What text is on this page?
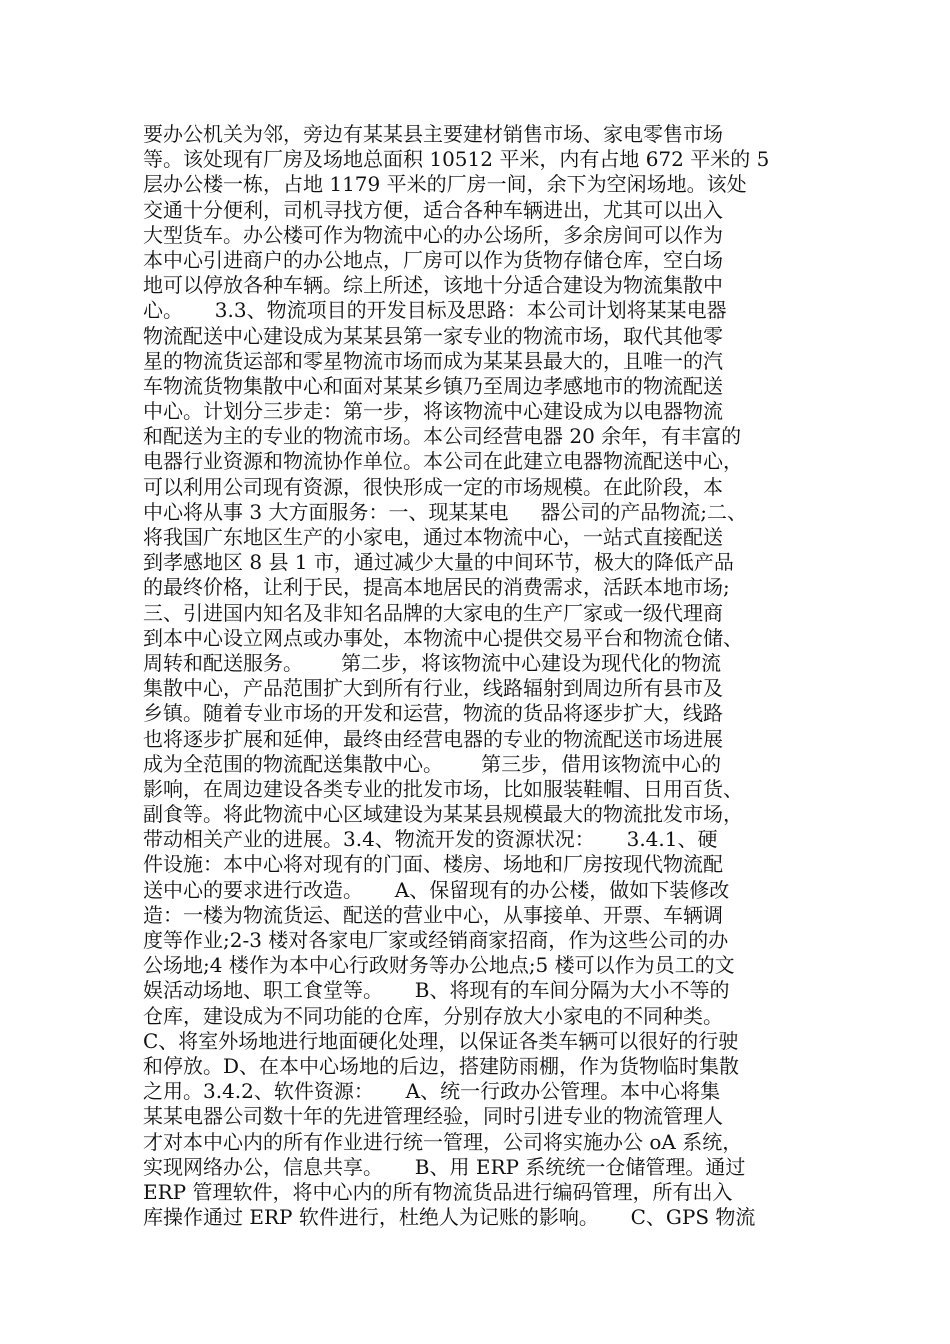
要办公机关为邻，旁边有某某县主要建材销售市场、家电零售市场
等。该处现有厂房及场地总面积 10512 平米，内有占地 672 平米的 5
层办公楼一栋，占地 1179 平米的厂房一间，余下为空闲场地。该处
交通十分便利，司机寻找方便，适合各种车辆进出，尤其可以出入
大型货车。办公楼可作为物流中心的办公场所，多余房间可以作为
本中心引进商户的办公地点，厂房可以作为货物存储仓库，空白场
地可以停放各种车辆。综上所述，该地十分适合建设为物流集散中
心。     3.3、物流项目的开发目标及思路：本公司计划将某某电器
物流配送中心建设成为某某县第一家专业的物流市场，取代其他零
星的物流货运部和零星物流市场而成为某某县最大的，且唯一的汽
车物流货物集散中心和面对某某乡镇乃至周边孝感地市的物流配送
中心。计划分三步走：第一步，将该物流中心建设成为以电器物流
和配送为主的专业的物流市场。本公司经营电器 20 余年，有丰富的
电器行业资源和物流协作单位。本公司在此建立电器物流配送中心，
可以利用公司现有资源，很快形成一定的市场规模。在此阶段，本
中心将从事 3 大方面服务：一、现某某电     器公司的产品物流;二、
将我国广东地区生产的小家电，通过本物流中心，一站式直接配送
到孝感地区 8 县 1 市，通过减少大量的中间环节，极大的降低产品
的最终价格，让利于民，提高本地居民的消费需求，活跃本地市场;
三、引进国内知名及非知名品牌的大家电的生产厂家或一级代理商
到本中心设立网点或办事处，本物流中心提供交易平台和物流仓储、
周转和配送服务。      第二步，将该物流中心建设为现代化的物流
集散中心，产品范围扩大到所有行业，线路辐射到周边所有县市及
乡镇。随着专业市场的开发和运营，物流的货品将逐步扩大，线路
也将逐步扩展和延伸，最终由经营电器的专业的物流配送市场进展
成为全范围的物流配送集散中心。      第三步，借用该物流中心的
影响，在周边建设各类专业的批发市场，比如服装鞋帽、日用百货、
副食等。将此物流中心区域建设为某某县规模最大的物流批发市场，
带动相关产业的进展。3.4、物流开发的资源状况：     3.4.1、硬
件设施：本中心将对现有的门面、楼房、场地和厂房按现代物流配
送中心的要求进行改造。     A、保留现有的办公楼，做如下装修改
造：一楼为物流货运、配送的营业中心，从事接单、开票、车辆调
度等作业;2-3 楼对各家电厂家或经销商家招商，作为这些公司的办
公场地;4 楼作为本中心行政财务等办公地点;5 楼可以作为员工的文
娱活动场地、职工食堂等。     B、将现有的车间分隔为大小不等的
仓库，建设成为不同功能的仓库，分别存放大小家电的不同种类。
C、将室外场地进行地面硬化处理，以保证各类车辆可以很好的行驶
和停放。D、在本中心场地的后边，搭建防雨棚，作为货物临时集散
之用。3.4.2、软件资源：     A、统一行政办公管理。本中心将集
某某电器公司数十年的先进管理经验，同时引进专业的物流管理人
才对本中心内的所有作业进行统一管理，公司将实施办公 oA 系统，
实现网络办公，信息共享。     B、用 ERP 系统统一仓储管理。通过
ERP 管理软件，将中心内的所有物流货品进行编码管理，所有出入
库操作通过 ERP 软件进行，杜绝人为记账的影响。     C、GPS 物流
